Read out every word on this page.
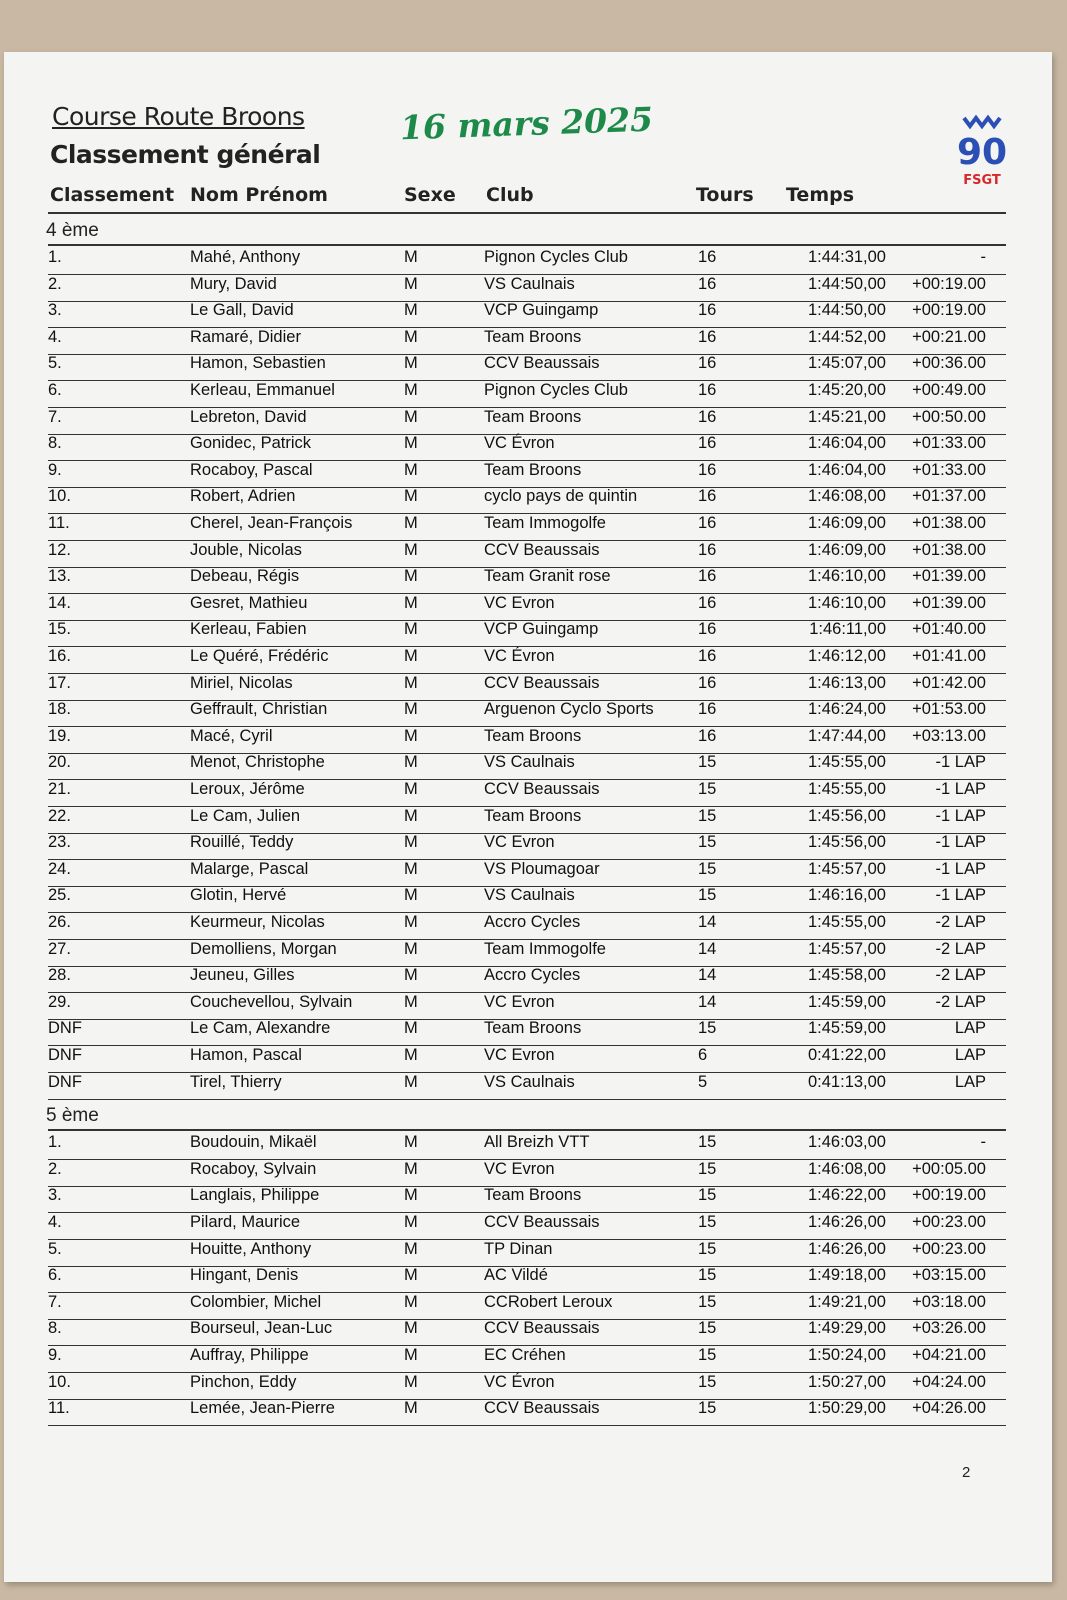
Course Route Broons
Classement général
16 mars 2025
90
FSGT
Classement Nom Prénom	Sexe Club	Tours Temps
4 ème
1.	Mahé, Anthony	M	Pignon Cycles Club	16	1:44:31,00	-
2.	Mury, David	M	VS Caulnais	16	1:44:50,00 +00:19.00
3.	Le Gall, David	M	VCP Guingamp	16	1:44:50,00 +00:19.00
4.	Ramaré, Didier	M	Team Broons	16	1:44:52,00 +00:21.00
5.	Hamon, Sebastien	M	CCV Beaussais	16	1:45:07,00 +00:36.00
6.	Kerleau, Emmanuel	M	Pignon Cycles Club	16	1:45:20,00 +00:49.00
7.	Lebreton, David	M	Team Broons	16	1:45:21,00 +00:50.00
8.	Gonidec, Patrick	M	VC Évron	16	1:46:04,00 +01:33.00
9.	Rocaboy, Pascal	M	Team Broons	16	1:46:04,00 +01:33.00
10.	Robert, Adrien	M	cyclo pays de quintin	16	1:46:08,00 +01:37.00
11.	Cherel, Jean-François	M	Team Immogolfe	16	1:46:09,00 +01:38.00
12.	Jouble, Nicolas	M	CCV Beaussais	16	1:46:09,00 +01:38.00
13.	Debeau, Régis	M	Team Granit rose	16	1:46:10,00 +01:39.00
14.	Gesret, Mathieu	M	VC Evron	16	1:46:10,00 +01:39.00
15.	Kerleau, Fabien	M	VCP Guingamp	16	1:46:11,00 +01:40.00
16.	Le Quéré, Frédéric	M	VC Évron	16	1:46:12,00 +01:41.00
17.	Miriel, Nicolas	M	CCV Beaussais	16	1:46:13,00 +01:42.00
18.	Geffrault, Christian	M	Arguenon Cyclo Sports	16	1:46:24,00 +01:53.00
19.	Macé, Cyril	M	Team Broons	16	1:47:44,00 +03:13.00
20.	Menot, Christophe	M	VS Caulnais	15	1:45:55,00	-1 LAP
21.	Leroux, Jérôme	M	CCV Beaussais	15	1:45:55,00	-1 LAP
22.	Le Cam, Julien	M	Team Broons	15	1:45:56,00	-1 LAP
23.	Rouillé, Teddy	M	VC Evron	15	1:45:56,00	-1 LAP
24.	Malarge, Pascal	M	VS Ploumagoar	15	1:45:57,00	-1 LAP
25.	Glotin, Hervé	M	VS Caulnais	15	1:46:16,00	-1 LAP
26.	Keurmeur, Nicolas	M	Accro Cycles	14	1:45:55,00	-2 LAP
27.	Demolliens, Morgan	M	Team Immogolfe	14	1:45:57,00	-2 LAP
28.	Jeuneu, Gilles	M	Accro Cycles	14	1:45:58,00	-2 LAP
29.	Couchevellou, Sylvain	M	VC Evron	14	1:45:59,00	-2 LAP
DNF	Le Cam, Alexandre	M	Team Broons	15	1:45:59,00	LAP
DNF	Hamon, Pascal	M	VC Evron	6	0:41:22,00	LAP
DNF	Tirel, Thierry	M	VS Caulnais	5	0:41:13,00	LAP
5 ème
1.	Boudouin, Mikaël	M	All Breizh VTT	15	1:46:03,00	-
2.	Rocaboy, Sylvain	M	VC Evron	15	1:46:08,00 +00:05.00
3.	Langlais, Philippe	M	Team Broons	15	1:46:22,00 +00:19.00
4.	Pilard, Maurice	M	CCV Beaussais	15	1:46:26,00 +00:23.00
5.	Houitte, Anthony	M	TP Dinan	15	1:46:26,00 +00:23.00
6.	Hingant, Denis	M	AC Vildé	15	1:49:18,00 +03:15.00
7.	Colombier, Michel	M	CCRobert Leroux	15	1:49:21,00 +03:18.00
8.	Bourseul, Jean-Luc	M	CCV Beaussais	15	1:49:29,00 +03:26.00
9.	Auffray, Philippe	M	EC Créhen	15	1:50:24,00 +04:21.00
10.	Pinchon, Eddy	M	VC Évron	15	1:50:27,00 +04:24.00
11.	Lemée, Jean-Pierre	M	CCV Beaussais	15	1:50:29,00 +04:26.00
2
